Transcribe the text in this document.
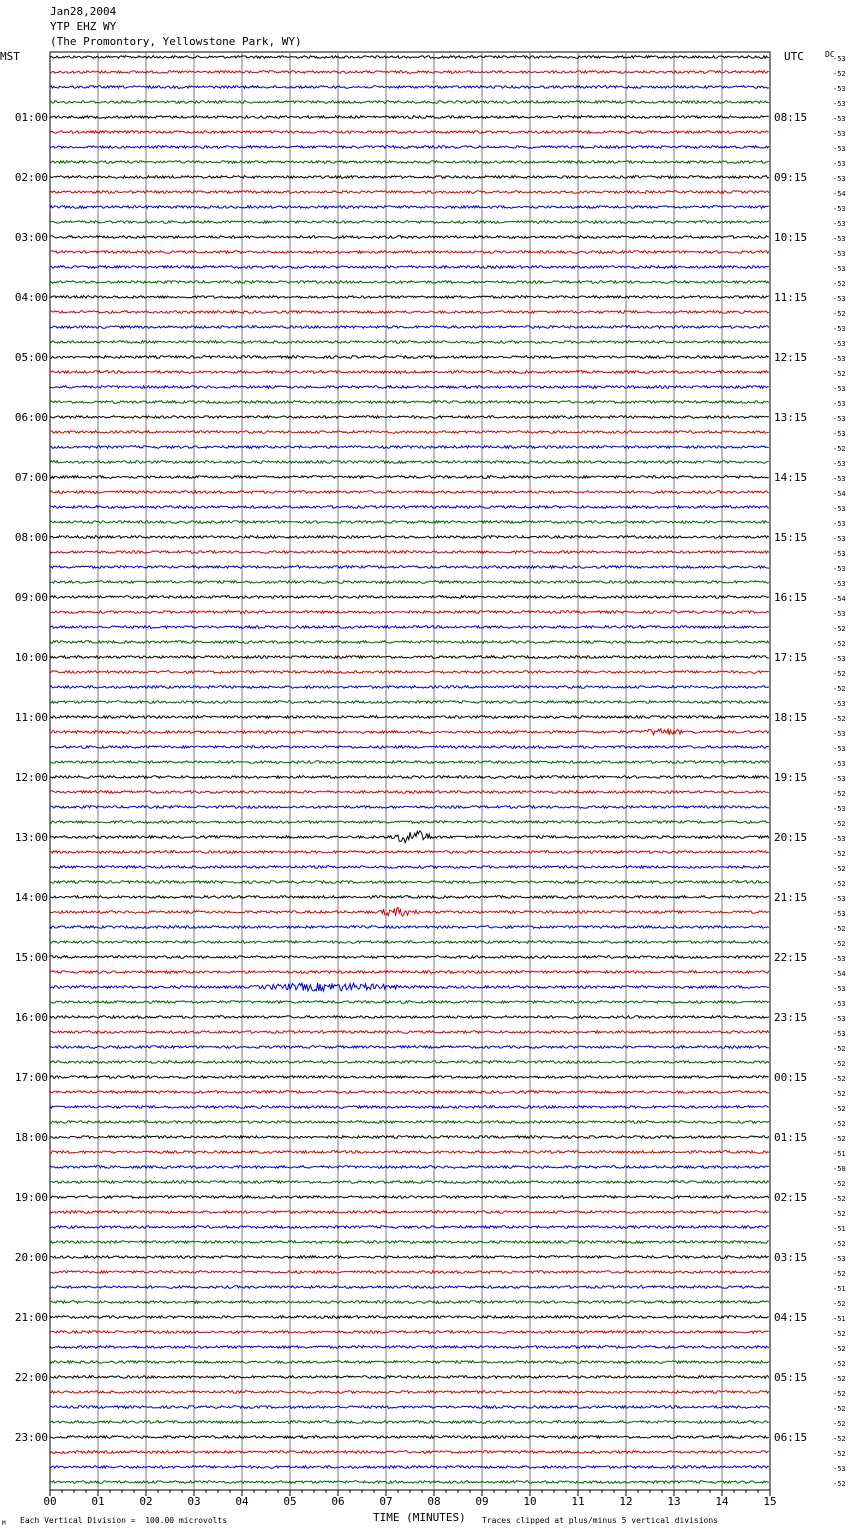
Jan28,2004
YTP EHZ WY
(The Promontory, Yellowstone Park, WY)
MST	UTC	DC
00	01	02	03	04	05	06	07	08	09	10	11	12	13	14	15
-53
-52
-53
-53
-53
-53
-53
-53
-53
-54
-53
-53
-53
-53
-53
-52
-53
-52
-53
-53
-53
-52
-53
-53
-53
-53
-52
-53
-53
-54
-53
-53
-53
-53
-53
-53
-54
-53
-52
-52
-53
-52
-52
-53
-52
-53
-53
-53
-53
-52
-53
-52
-53
-52
-52
-52
-53
-53
-52
-52
-53
-54
-53
-53
-53
-53
-52
-52
-52
-52
-52
-52
-52
-51
-50
-52
-52
-52
-51
-52
-53
-52
-51
-52
-51
-52
-52
-52
-52
-52
-52
-52
-52
-52
-53
-52
01:00
02:00
03:00
04:00
05:00
06:00
07:00
08:00
09:00
10:00
11:00
12:00
13:00
14:00
15:00
16:00
17:00
18:00
19:00
20:00
21:00
22:00
23:00
08:15
09:15
10:15
11:15
12:15
13:15
14:15
15:15
16:15
17:15
18:15
19:15
20:15
21:15
22:15
23:15
00:15
01:15
02:15
03:15
04:15
05:15
06:15
TIME (MINUTES)
Each Vertical Division =  100.00 microvolts	Traces clipped at plus/minus 5 vertical divisions
M
